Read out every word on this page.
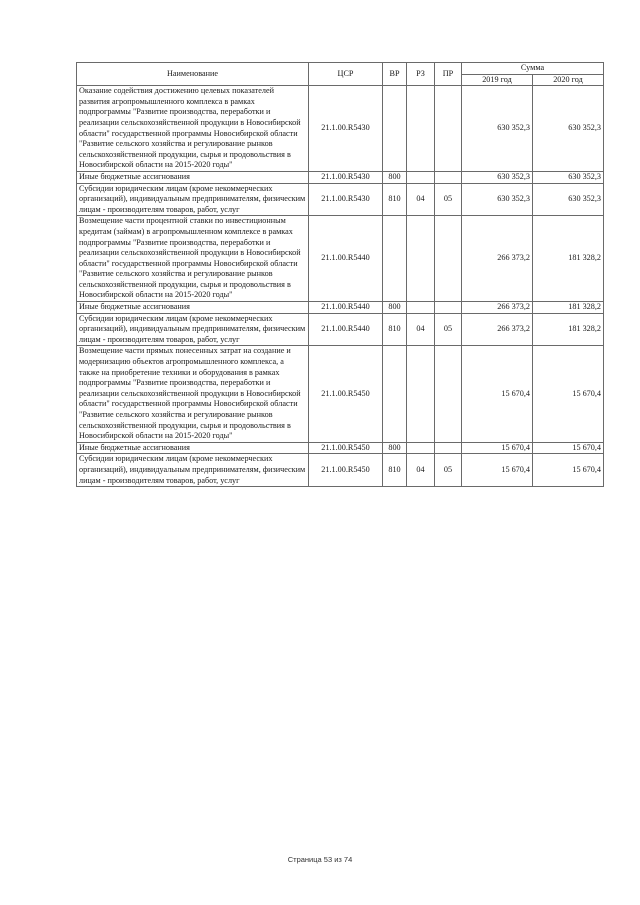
Наименование	ЦСР	ВР	РЗ	ПР	Сумма	
					2019 год	2020 год
Оказание содействия достижению целевых показателей развития агропромышленного комплекса в рамках подпрограммы "Развитие производства, переработки и реализации сельскохозяйственной продукции в Новосибирской области" государственной программы Новосибирской области "Развитие сельского хозяйства и регулирование рынков сельскохозяйственной продукции, сырья и продовольствия в Новосибирской области на 2015-2020 годы"	21.1.00.R5430				630 352,3	630 352,3
Иные бюджетные ассигнования	21.1.00.R5430	800			630 352,3	630 352,3
Субсидии юридическим лицам (кроме некоммерческих организаций), индивидуальным предпринимателям, физическим лицам - производителям товаров, работ, услуг	21.1.00.R5430	810	04	05	630 352,3	630 352,3
Возмещение части процентной ставки по инвестиционным кредитам (займам) в агропромышленном комплексе в рамках подпрограммы "Развитие производства, переработки и реализации сельскохозяйственной продукции в Новосибирской области" государственной программы Новосибирской области "Развитие сельского хозяйства и регулирование рынков сельскохозяйственной продукции, сырья и продовольствия в Новосибирской области на 2015-2020 годы"	21.1.00.R5440				266 373,2	181 328,2
Иные бюджетные ассигнования	21.1.00.R5440	800			266 373,2	181 328,2
Субсидии юридическим лицам (кроме некоммерческих организаций), индивидуальным предпринимателям, физическим лицам - производителям товаров, работ, услуг	21.1.00.R5440	810	04	05	266 373,2	181 328,2
Возмещение части прямых понесенных затрат на создание и модернизацию объектов агропромышленного комплекса, а также на приобретение техники и оборудования в рамках подпрограммы "Развитие производства, переработки и реализации сельскохозяйственной продукции в Новосибирской области" государственной программы Новосибирской области "Развитие сельского хозяйства и регулирование рынков сельскохозяйственной продукции, сырья и продовольствия в Новосибирской области на 2015-2020 годы"	21.1.00.R5450				15 670,4	15 670,4
Иные бюджетные ассигнования	21.1.00.R5450	800			15 670,4	15 670,4
Субсидии юридическим лицам (кроме некоммерческих организаций), индивидуальным предпринимателям, физическим лицам - производителям товаров, работ, услуг	21.1.00.R5450	810	04	05	15 670,4	15 670,4
Страница 53 из 74
